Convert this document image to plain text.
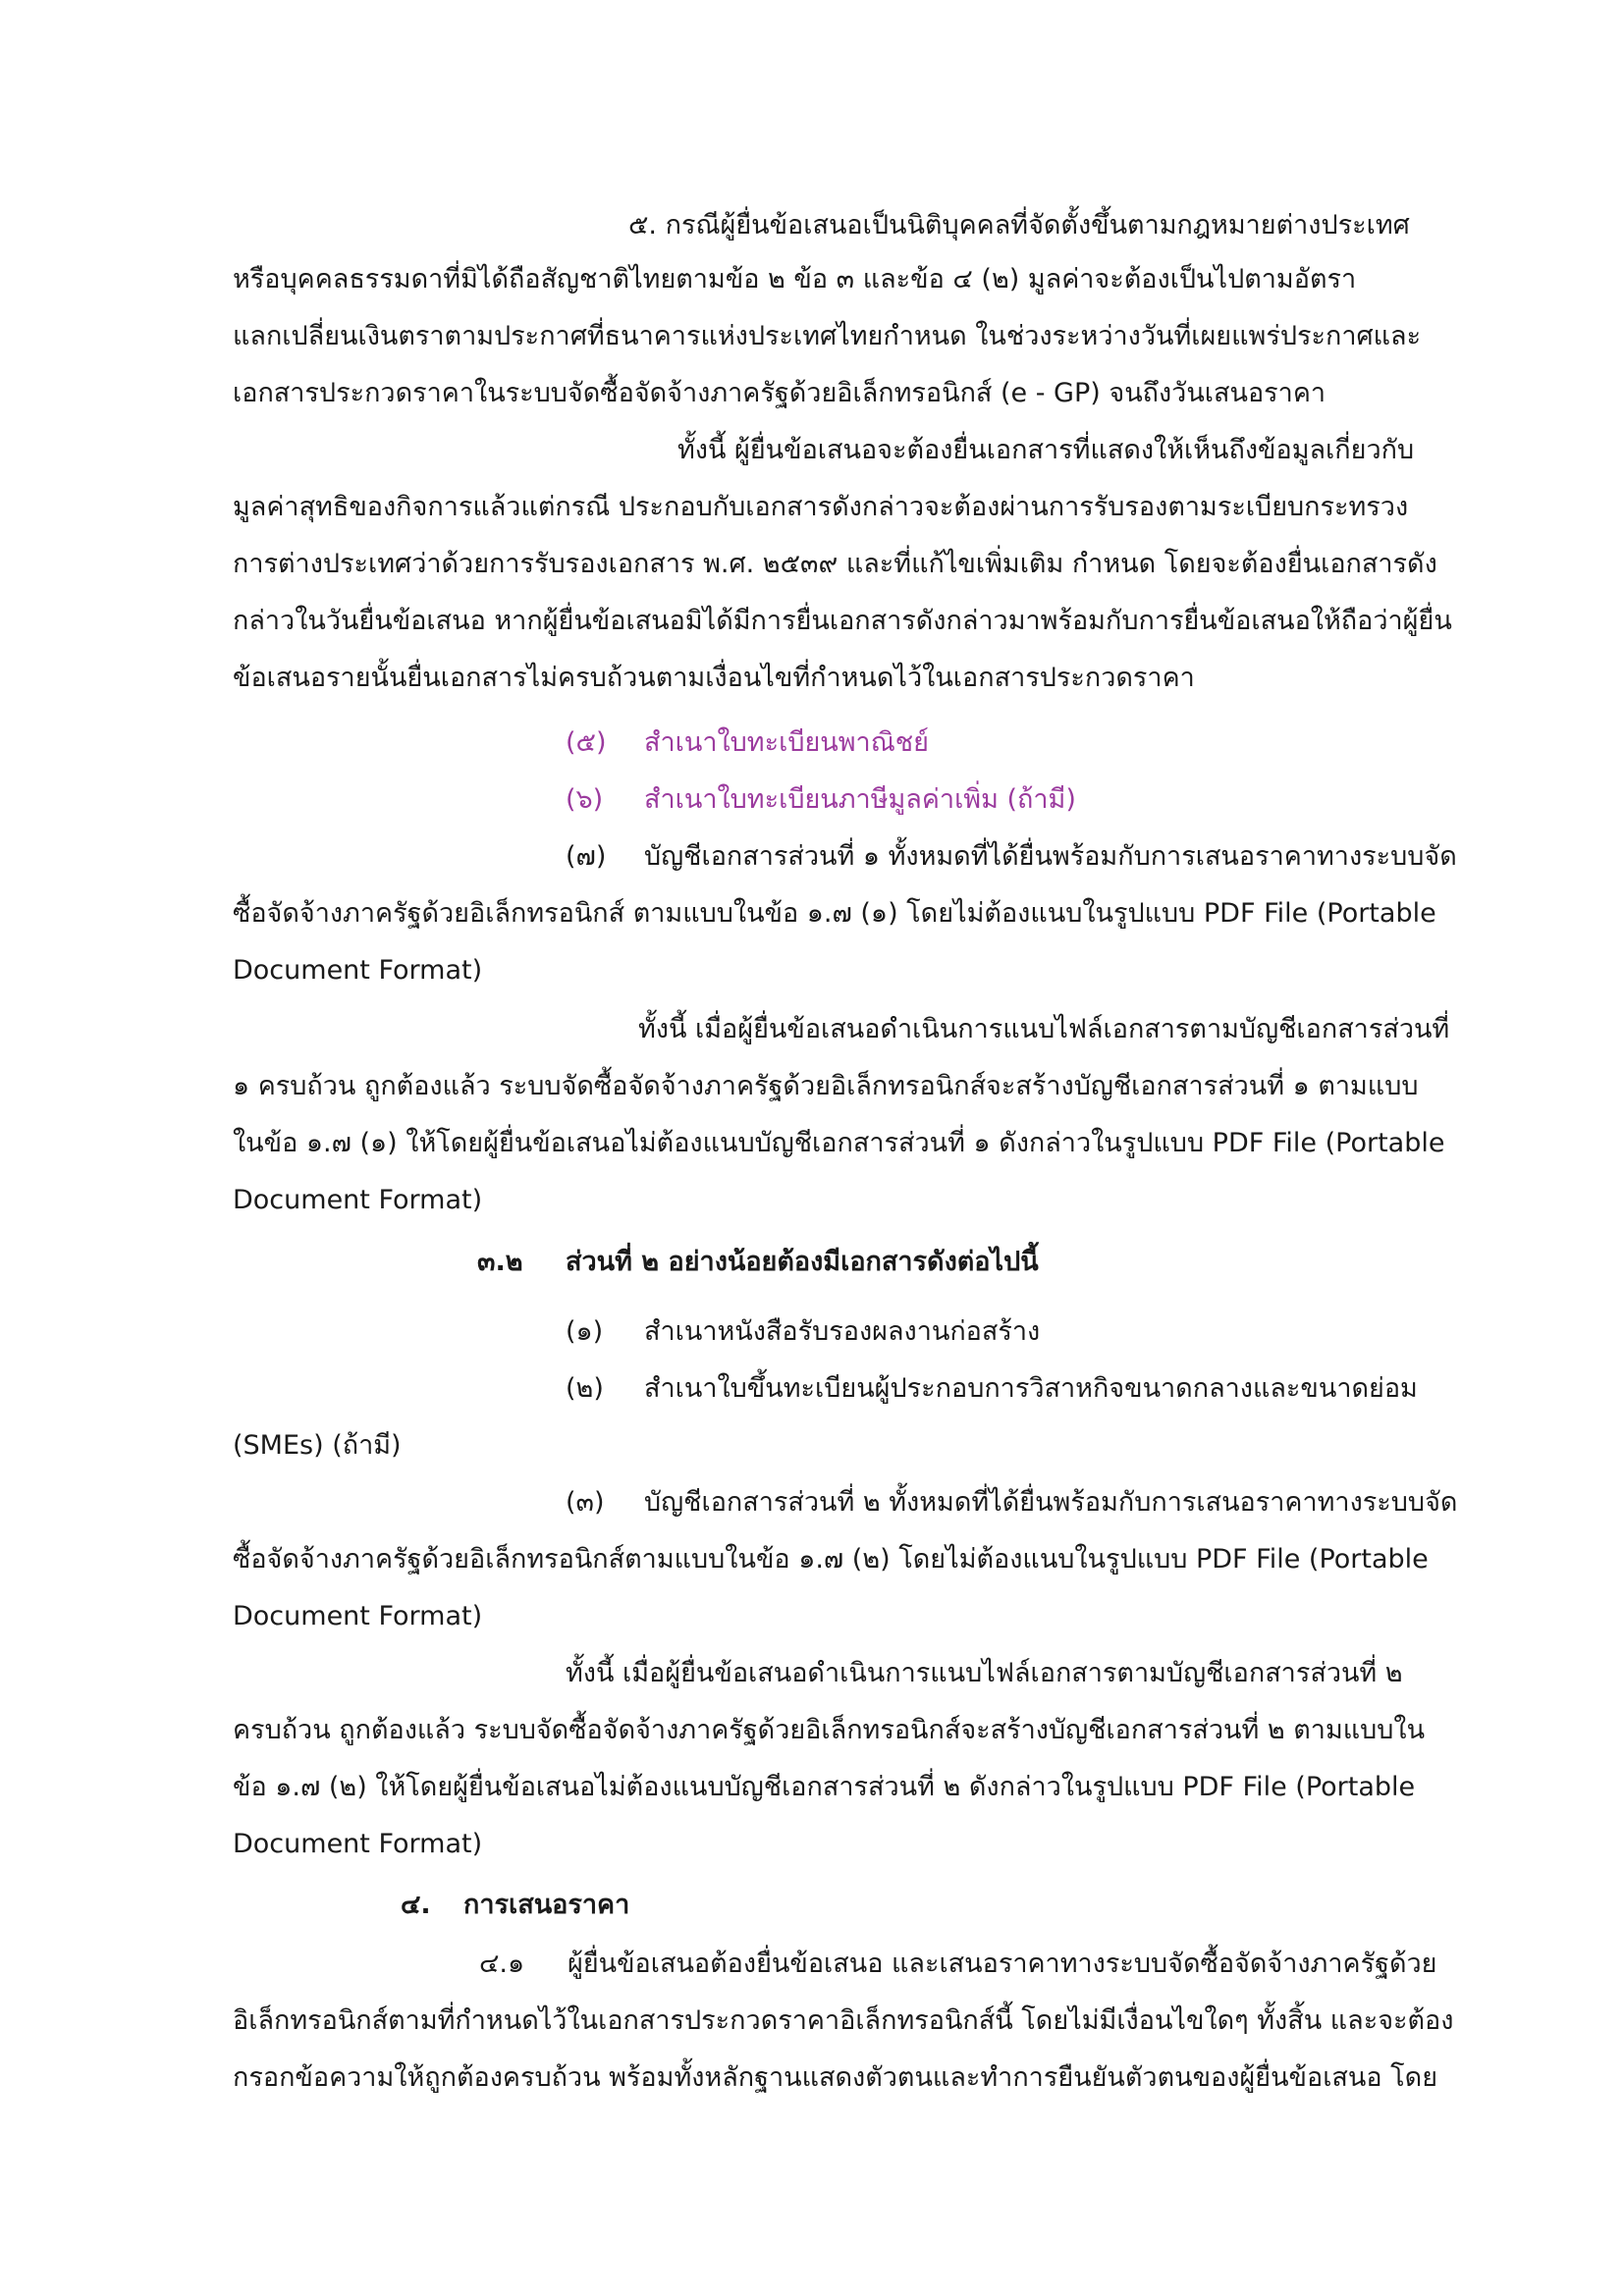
๕. กรณีผู้ยื่นข้อเสนอเป็นนิติบุคคลที่จัดตั้งขึ้นตามกฎหมายต่างประเทศ

หรือบุคคลธรรมดาที่มิได้ถือสัญชาติไทยตามข้อ ๒ ข้อ ๓ และข้อ ๔ (๒) มูลค่าจะต้องเป็นไปตามอัตรา

แลกเปลี่ยนเงินตราตามประกาศที่ธนาคารแห่งประเทศไทยกำหนด ในช่วงระหว่างวันที่เผยแพร่ประกาศและ

เอกสารประกวดราคาในระบบจัดซื้อจัดจ้างภาครัฐด้วยอิเล็กทรอนิกส์ (e - GP) จนถึงวันเสนอราคา

ทั้งนี้ ผู้ยื่นข้อเสนอจะต้องยื่นเอกสารที่แสดงให้เห็นถึงข้อมูลเกี่ยวกับ

มูลค่าสุทธิของกิจการแล้วแต่กรณี ประกอบกับเอกสารดังกล่าวจะต้องผ่านการรับรองตามระเบียบกระทรวง

การต่างประเทศว่าด้วยการรับรองเอกสาร พ.ศ. ๒๕๓๙ และที่แก้ไขเพิ่มเติม กำหนด โดยจะต้องยื่นเอกสารดัง

กล่าวในวันยื่นข้อเสนอ หากผู้ยื่นข้อเสนอมิได้มีการยื่นเอกสารดังกล่าวมาพร้อมกับการยื่นข้อเสนอให้ถือว่าผู้ยื่น

ข้อเสนอรายนั้นยื่นเอกสารไม่ครบถ้วนตามเงื่อนไขที่กำหนดไว้ในเอกสารประกวดราคา

(๕) สำเนาใบทะเบียนพาณิชย์

(๖) สำเนาใบทะเบียนภาษีมูลค่าเพิ่ม (ถ้ามี)

(๗) บัญชีเอกสารส่วนที่ ๑ ทั้งหมดที่ได้ยื่นพร้อมกับการเสนอราคาทางระบบจัด

ซื้อจัดจ้างภาครัฐด้วยอิเล็กทรอนิกส์ ตามแบบในข้อ ๑.๗ (๑) โดยไม่ต้องแนบในรูปแบบ PDF File (Portable

Document Format)

ทั้งนี้ เมื่อผู้ยื่นข้อเสนอดำเนินการแนบไฟล์เอกสารตามบัญชีเอกสารส่วนที่

๑ ครบถ้วน ถูกต้องแล้ว ระบบจัดซื้อจัดจ้างภาครัฐด้วยอิเล็กทรอนิกส์จะสร้างบัญชีเอกสารส่วนที่ ๑ ตามแบบ

ในข้อ ๑.๗ (๑) ให้โดยผู้ยื่นข้อเสนอไม่ต้องแนบบัญชีเอกสารส่วนที่ ๑ ดังกล่าวในรูปแบบ PDF File (Portable

Document Format)

๓.๒ ส่วนที่ ๒ อย่างน้อยต้องมีเอกสารดังต่อไปนี้

(๑) สำเนาหนังสือรับรองผลงานก่อสร้าง

(๒) สำเนาใบขึ้นทะเบียนผู้ประกอบการวิสาหกิจขนาดกลางและขนาดย่อม

(SMEs) (ถ้ามี)

(๓) บัญชีเอกสารส่วนที่ ๒ ทั้งหมดที่ได้ยื่นพร้อมกับการเสนอราคาทางระบบจัด

ซื้อจัดจ้างภาครัฐด้วยอิเล็กทรอนิกส์ตามแบบในข้อ ๑.๗ (๒) โดยไม่ต้องแนบในรูปแบบ PDF File (Portable

Document Format)

ทั้งนี้ เมื่อผู้ยื่นข้อเสนอดำเนินการแนบไฟล์เอกสารตามบัญชีเอกสารส่วนที่ ๒

ครบถ้วน ถูกต้องแล้ว ระบบจัดซื้อจัดจ้างภาครัฐด้วยอิเล็กทรอนิกส์จะสร้างบัญชีเอกสารส่วนที่ ๒ ตามแบบใน

ข้อ ๑.๗ (๒) ให้โดยผู้ยื่นข้อเสนอไม่ต้องแนบบัญชีเอกสารส่วนที่ ๒ ดังกล่าวในรูปแบบ PDF File (Portable

Document Format)

๔. การเสนอราคา

๔.๑ ผู้ยื่นข้อเสนอต้องยื่นข้อเสนอ และเสนอราคาทางระบบจัดซื้อจัดจ้างภาครัฐด้วย

อิเล็กทรอนิกส์ตามที่กำหนดไว้ในเอกสารประกวดราคาอิเล็กทรอนิกส์นี้ โดยไม่มีเงื่อนไขใดๆ ทั้งสิ้น และจะต้อง

กรอกข้อความให้ถูกต้องครบถ้วน พร้อมทั้งหลักฐานแสดงตัวตนและทำการยืนยันตัวตนของผู้ยื่นข้อเสนอ โดย
